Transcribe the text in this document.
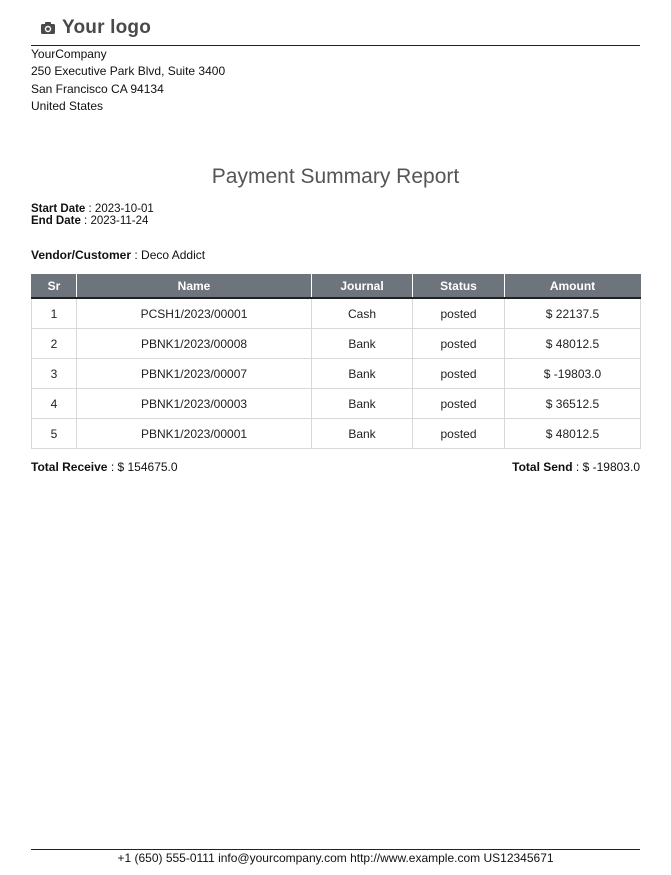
Your logo
YourCompany
250 Executive Park Blvd, Suite 3400
San Francisco CA 94134
United States
Payment Summary Report
Start Date : 2023-10-01
End Date : 2023-11-24
Vendor/Customer : Deco Addict
Sr	Name	Journal	Status	Amount
1	PCSH1/2023/00001	Cash	posted	$ 22137.5
2	PBNK1/2023/00008	Bank	posted	$ 48012.5
3	PBNK1/2023/00007	Bank	posted	$ -19803.0
4	PBNK1/2023/00003	Bank	posted	$ 36512.5
5	PBNK1/2023/00001	Bank	posted	$ 48012.5
Total Receive : $ 154675.0	Total Send : $ -19803.0
+1 (650) 555-0111 info@yourcompany.com http://www.example.com US12345671
